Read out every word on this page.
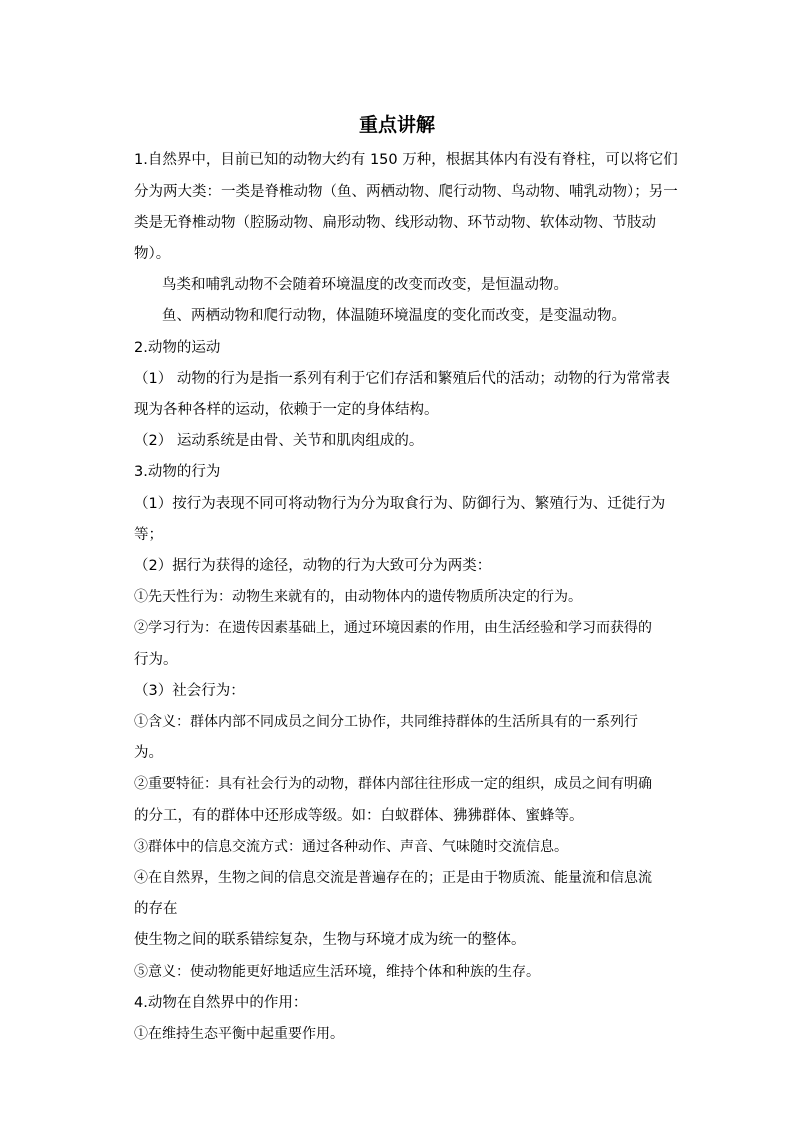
重点讲解
1.自然界中，目前已知的动物大约有 150 万种，根据其体内有没有脊柱，可以将它们
分为两大类：一类是脊椎动物（鱼、两栖动物、爬行动物、鸟动物、哺乳动物）；另一
类是无脊椎动物（腔肠动物、扁形动物、线形动物、环节动物、软体动物、节肢动
物）。
鸟类和哺乳动物不会随着环境温度的改变而改变，是恒温动物。
鱼、两栖动物和爬行动物，体温随环境温度的变化而改变，是变温动物。
2.动物的运动
（1） 动物的行为是指一系列有利于它们存活和繁殖后代的活动；动物的行为常常表
现为各种各样的运动，依赖于一定的身体结构。
（2） 运动系统是由骨、关节和肌肉组成的。
3.动物的行为
（1）按行为表现不同可将动物行为分为取食行为、防御行为、繁殖行为、迁徙行为
等；
（2）据行为获得的途径，动物的行为大致可分为两类：
①先天性行为：动物生来就有的，由动物体内的遗传物质所决定的行为。
②学习行为：在遗传因素基础上，通过环境因素的作用，由生活经验和学习而获得的
行为。
（3）社会行为：
①含义：群体内部不同成员之间分工协作，共同维持群体的生活所具有的一系列行
为。
②重要特征：具有社会行为的动物，群体内部往往形成一定的组织，成员之间有明确
的分工，有的群体中还形成等级。如：白蚁群体、狒狒群体、蜜蜂等。
③群体中的信息交流方式：通过各种动作、声音、气味随时交流信息。
④在自然界，生物之间的信息交流是普遍存在的；正是由于物质流、能量流和信息流
的存在
使生物之间的联系错综复杂，生物与环境才成为统一的整体。
⑤意义：使动物能更好地适应生活环境，维持个体和种族的生存。
4.动物在自然界中的作用：
①在维持生态平衡中起重要作用。
